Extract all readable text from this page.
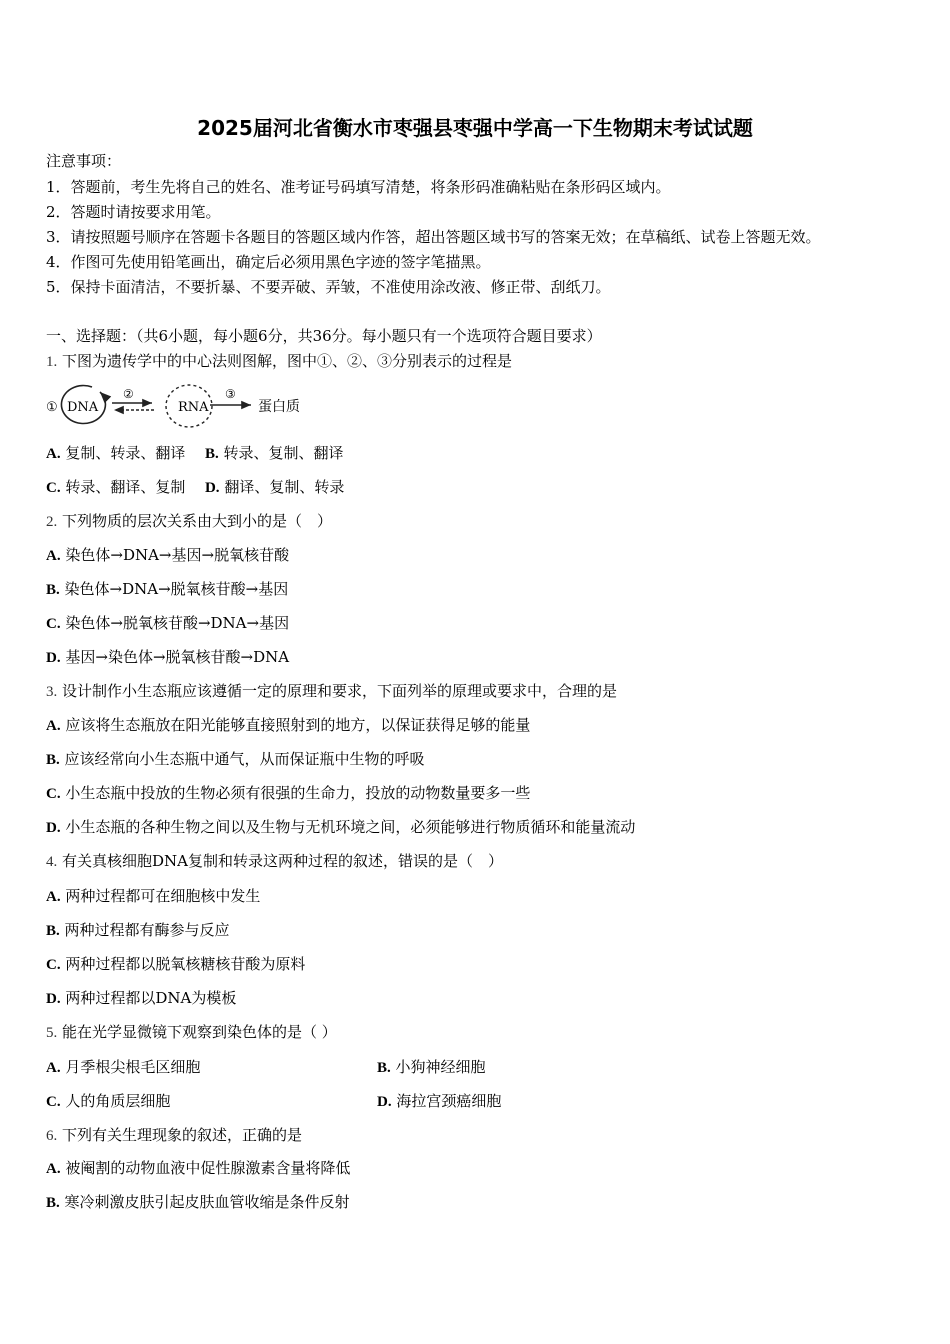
2025届河北省衡水市枣强县枣强中学高一下生物期末考试试题
注意事项：
1．答题前，考生先将自己的姓名、准考证号码填写清楚，将条形码准确粘贴在条形码区域内。
2．答题时请按要求用笔。
3．请按照题号顺序在答题卡各题目的答题区域内作答，超出答题区域书写的答案无效；在草稿纸、试卷上答题无效。
4．作图可先使用铅笔画出，确定后必须用黑色字迹的签字笔描黑。
5．保持卡面清洁，不要折暴、不要弄破、弄皱，不准使用涂改液、修正带、刮纸刀。
一、选择题：（共6小题，每小题6分，共36分。每小题只有一个选项符合题目要求）
1. 下图为遗传学中的中心法则图解，图中①、②、③分别表示的过程是
① DNA
②
RNA
③
蛋白质
A. 复制、转录、翻译 B. 转录、复制、翻译
C. 转录、翻译、复制 D. 翻译、复制、转录
2. 下列物质的层次关系由大到小的是（　）
A. 染色体→DNA→基因→脱氧核苷酸
B. 染色体→DNA→脱氧核苷酸→基因
C. 染色体→脱氧核苷酸→DNA→基因
D. 基因→染色体→脱氧核苷酸→DNA
3. 设计制作小生态瓶应该遵循一定的原理和要求，下面列举的原理或要求中，合理的是
A. 应该将生态瓶放在阳光能够直接照射到的地方，以保证获得足够的能量
B. 应该经常向小生态瓶中通气，从而保证瓶中生物的呼吸
C. 小生态瓶中投放的生物必须有很强的生命力，投放的动物数量要多一些
D. 小生态瓶的各种生物之间以及生物与无机环境之间，必须能够进行物质循环和能量流动
4. 有关真核细胞DNA复制和转录这两种过程的叙述，错误的是（　）
A. 两种过程都可在细胞核中发生
B. 两种过程都有酶参与反应
C. 两种过程都以脱氧核糖核苷酸为原料
D. 两种过程都以DNA为模板
5. 能在光学显微镜下观察到染色体的是（ ）
A. 月季根尖根毛区细胞	B. 小狗神经细胞
C. 人的角质层细胞	D. 海拉宫颈癌细胞
6. 下列有关生理现象的叙述，正确的是
A. 被阉割的动物血液中促性腺激素含量将降低
B. 寒冷刺激皮肤引起皮肤血管收缩是条件反射
